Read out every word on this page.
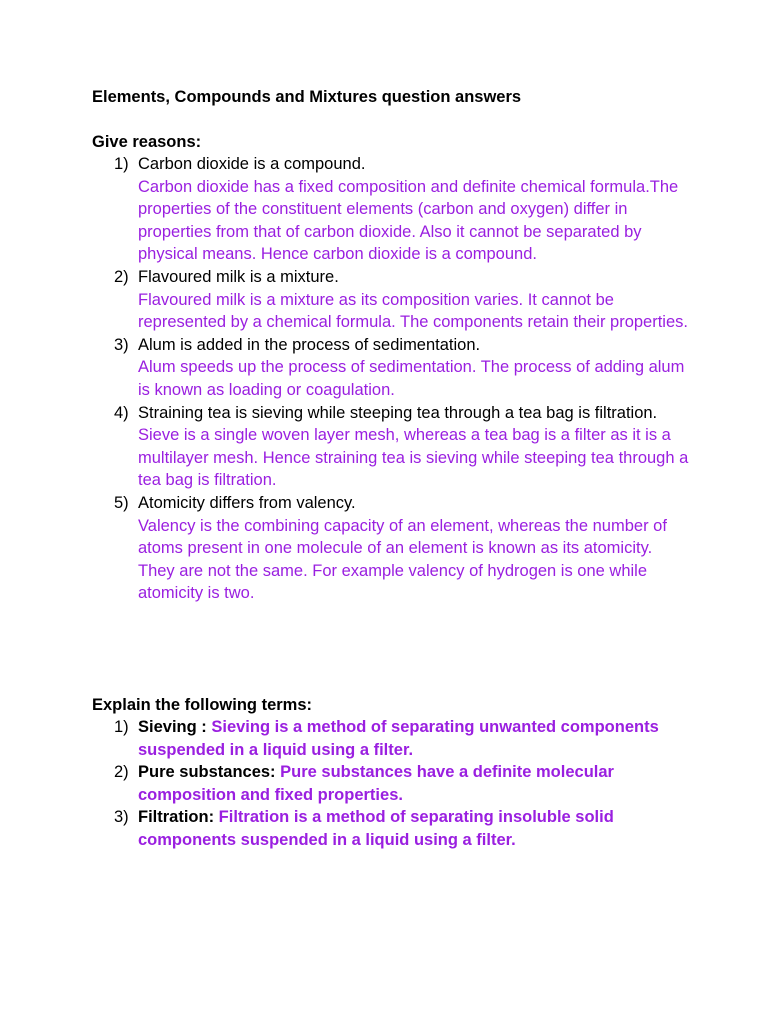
Elements, Compounds and Mixtures question answers
Give reasons:
1) Carbon dioxide is a compound.
Carbon dioxide has a fixed composition and definite chemical formula.The properties of the constituent elements (carbon and oxygen) differ in properties from that of carbon dioxide. Also it cannot be separated by physical means. Hence carbon dioxide is a compound.
2) Flavoured milk is a mixture.
Flavoured milk is a mixture as its composition varies. It cannot be represented by a chemical formula. The components retain their properties.
3) Alum is added in the process of sedimentation.
Alum speeds up the process of sedimentation. The process of adding alum is known as loading or coagulation.
4) Straining tea is sieving while steeping tea through a tea bag is filtration.
Sieve is a single woven layer mesh, whereas a tea bag is a filter as it is a multilayer mesh. Hence straining tea is sieving while steeping tea through a tea bag is filtration.
5) Atomicity differs from valency.
Valency is the combining capacity of an element, whereas the number of atoms present in one molecule of an element is known as its atomicity. They are not the same. For example valency of hydrogen is one while atomicity is two.
Explain the following terms:
1) Sieving : Sieving is a method of separating unwanted components suspended in a liquid using a filter.
2) Pure substances: Pure substances have a definite molecular composition and fixed properties.
3) Filtration: Filtration is a method of separating insoluble solid components suspended in a liquid using a filter.
